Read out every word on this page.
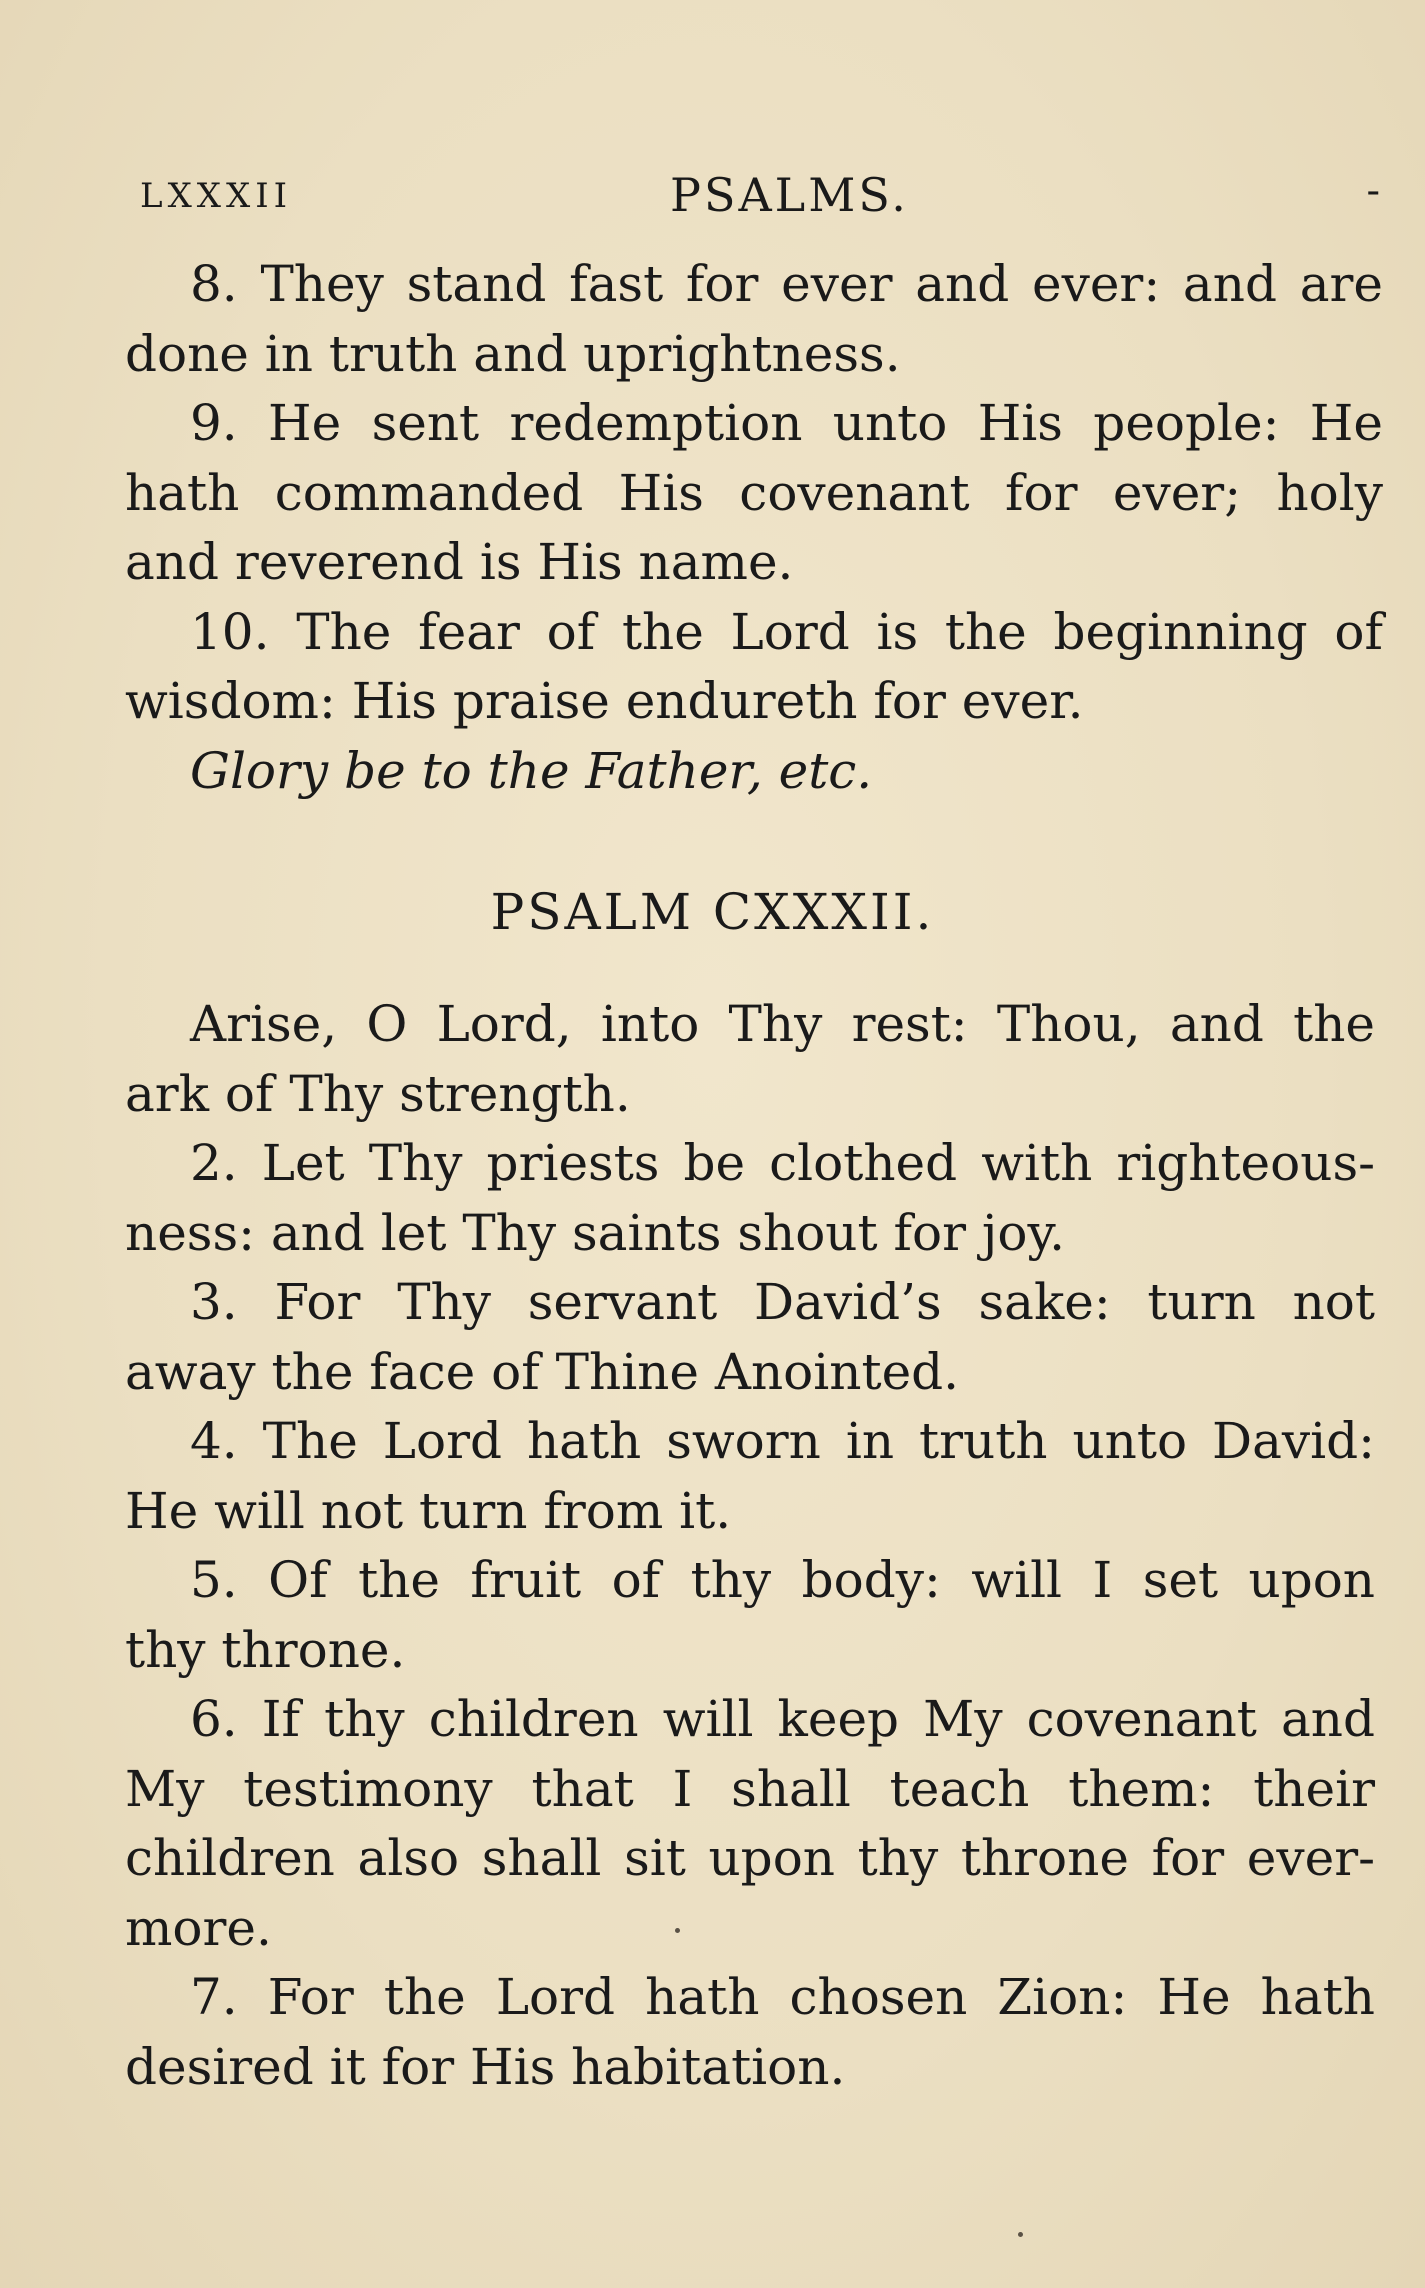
LXXXII	PSALMS.	-
8. They stand fast for ever and ever: and are
done in truth and uprightness.
9. He sent redemption unto His people: He
hath commanded His covenant for ever; holy
and reverend is His name.
10. The fear of the Lord is the beginning of
wisdom: His praise endureth for ever.
Glory be to the Father, etc.
PSALM CXXXII.
Arise, O Lord, into Thy rest: Thou, and the
ark of Thy strength.
2. Let Thy priests be clothed with righteous-
ness: and let Thy saints shout for joy.
3. For Thy servant David’s sake: turn not
away the face of Thine Anointed.
4. The Lord hath sworn in truth unto David:
He will not turn from it.
5. Of the fruit of thy body: will I set upon
thy throne.
6. If thy children will keep My covenant and
My testimony that I shall teach them: their
children also shall sit upon thy throne for ever-
more.
7. For the Lord hath chosen Zion: He hath
desired it for His habitation.
